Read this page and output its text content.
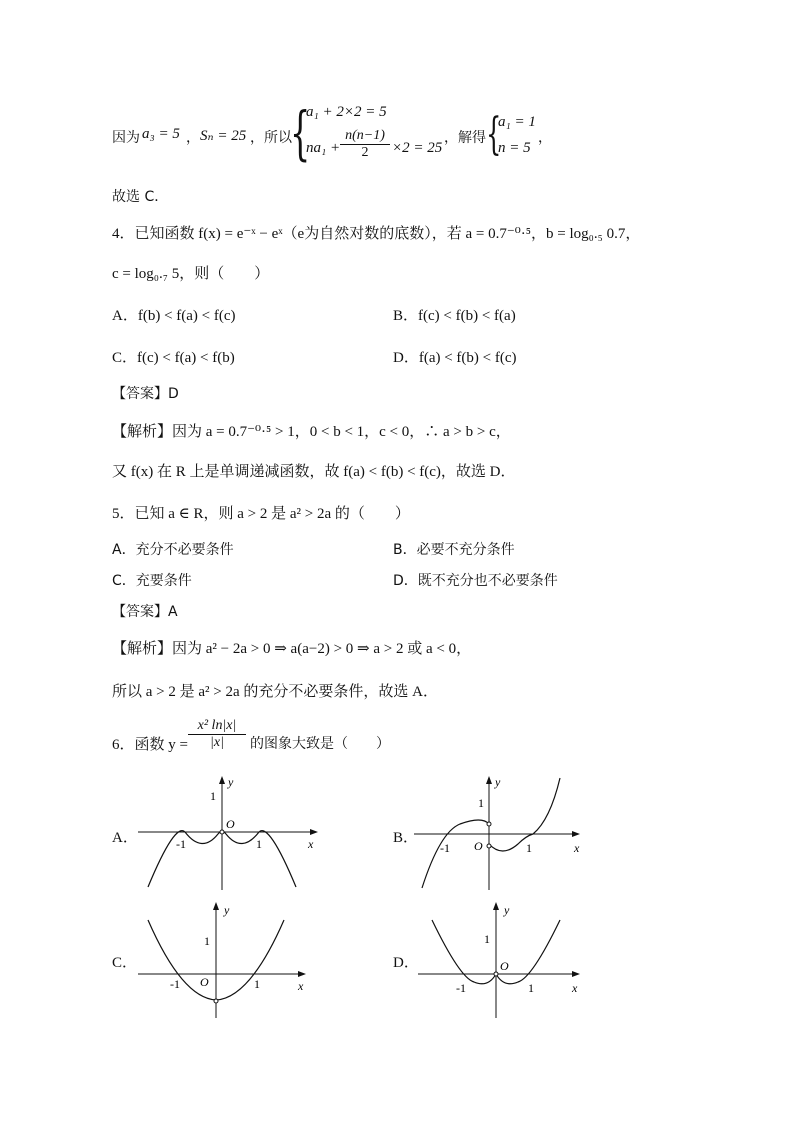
因为 a₃ = 5 ， Sₙ = 25 ， 所以
{
a₁ + 2×2 = 5
$na_1 + \frac{n(n-1)}{2} \times 2 = 25$
， 解得 {
a₁ = 1
n = 5
，
故选 C．
4．已知函数 f(x) = e⁻ˣ − eˣ（e为自然对数的底数），若 a = 0.7⁻⁰·⁵，b = log₀.₅ 0.7，
c = log₀.₇ 5，则（　　）
A．f(b) < f(a) < f(c)	B．f(c) < f(b) < f(a)
C．f(c) < f(a) < f(b)	D．f(a) < f(b) < f(c)
【答案】D
【解析】因为 a = 0.7⁻⁰·⁵ > 1，0 < b < 1，c < 0，∴ a > b > c，
又 f(x) 在 R 上是单调递减函数，故 f(a) < f(b) < f(c)，故选 D．
5．已知 a ∈ R，则 a > 2 是 a² > 2a 的（　　）
A．充分不必要条件	B．必要不充分条件
C．充要条件	D．既不充分也不必要条件
【答案】A
【解析】因为 a² − 2a > 0 ⇒ a(a−2) > 0 ⇒ a > 2 或 a < 0，
所以 a > 2 是 a² > 2a 的充分不必要条件，故选 A．
6．函数 $y = \frac{\text{x² ln|x|}}{|x|}$ 的图象大致是（　　）
A．
y
1
O
-1	1	x	B．
y
1
O
-1	1	x
C．
y
1
O
-1	1	x
D．
y
1
O
-1	1	x
